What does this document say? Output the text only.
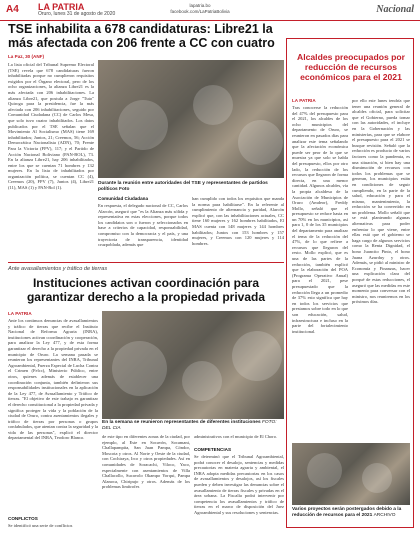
A4 LA PATRIA
Oruro, lunes 31 de agosto de 2020
lapatria.bo
facebook.com/LaPatriaBolivia	Nacional
TSE inhabilita a 678 candidaturas: Libre21 la más afectada con 206 frente a CC con cuatro
La Paz, 30 (ANF)
La lista oficial del Tribunal Supremo Electoral (TSE) revela que 678 candidaturas fueron inhabilitadas porque no cumplieron requisitos exigidos por el Órgano electoral, pero de los ocho organizaciones, la alianza Libre21 es la más afectada con 206 inhabilitaciones. La alianza Libre21, que postula a Jorge "Tuto" Quiroga para la presidencia, fue la más afectada con 206 inhabilitaciones, seguido por Comunidad Ciudadana (CC) de Carlos Mesa, que solo tuvo cuatro inhabilitados. Los datos publicados por el TSE señalan que el Movimiento Al Socialismo (MAS) tiene 169 inhabilitados; Juntos, 21; Creemos, 56; Acción Democrática Nacionalista (ADN), 70; Frente Para la Victoria (FPV), 117; y el Partido de Acción Nacional Boliviano (PAN-BOL), 73. En la alianza Libre21, hay 206 inhabilitados, entre los que se cuentan 71 hombres y 132 mujeres. En la lista de inhabilitados por organización política, se cuentan CC (4), Creemos (20), FPV (7), Juntos (4), Libre21 (11), MAS (1) y PAN-Bol (1).
Durante la reunión entre autoridades del TSE y representantes de partidos políticos Foto
Comunidad Ciudadana
En respuesta, el delegado nacional de CC, Carlos Alarcón, aseguró que "es la Alianza más sólida y representativa en estas elecciones, porque todos los candidatos son o fueron y seleccionados en base a criterios de capacidad, responsabilidad, compromiso con la democracia y el país, y una trayectoria de transparencia, identidad cruzpoblada, además que
han cumplido con todos los requisitos que manda la norma para habilitarse". En la referente al cumplimiento de alternancia y paridad, Alarcón explicó que, con las inhabilitaciones actuales, CC tiene 160 mujeres y 162 hombres habilitados, El MAS cuenta con 148 mujeres y 144 hombres habilitados; Juntos con 153 hombres y 157 mujeres, y Creemos con 120 mujeres y 114 hombres.
Ante avasallamientos y tráfico de tierras
Instituciones activan coordinación para garantizar derecho a la propiedad privada
LA PATRIA
Ante los continuos denuncias de avasallamientos y tráfico de tierras que recibe el Instituto Nacional de Reforma Agraria (INRA), instituciones activan coordinación y cooperación, para analizar la Ley 477, y de esta forma garantizar el derecho a la propiedad privada en el municipio de Oruro. La semana pasada se reunieron los representantes del INRA, Tribunal Agroambiental, Fuerza Especial de Lucha Contra el Crimen (Felcc), Ministerio Público, entre otros, quienes además de establecer una coordinación conjunta, también definieron sus responsabilidades institucionales en la aplicación de la Ley 477, de Avasallamiento y Tráfico de tierras. "El objetivo de este trabajo es garantizar el derecho constitucional a la propiedad privada y significa proteger la vida y la población de la ciudad de Oruro, contra asentamientos ilegales y tráfico de tierras por personas o grupos confabulados, que atentan contra la seguridad y la vida de las personas", explicó el director departamental del INRA, Teodoro Blanco.
CONFLICTOS
Se identificó una serie de conflictos
En la semana se reunieron representantes de diferentes instituciones FOTO: DEL CIA
de este tipo en diferentes zonas de la ciudad, por ejemplo, al Este en Socavón, Socamani, Challapampita, San Juan Pampa, Cóndor, Moscota y otros. Al Norte y Oeste de la ciudad, con Cochiraya, Irco y otros propiedades. Así en comunidades de Soracachi, Viloco, Yaco, especialmente con asentamientos de Villa Challacollo, Sucavolo Okampo Yorqui, Pampa Alanoca, Chiripujo y otros. Además de los problemas limítrofes
administrativos con el municipio de El Choro.
COMPETENCIAS
Se determinó que el Tribunal Agroambiental, podrá conocer el desalojo, sentencias y medidas precautorias en materia agraria y ambiental, el INRA adopta medidas precautorias en los casos de avasallamientos y desalojos, así los fiscales pueden y deben investigar las denuncias sobre el avasallamiento de tierras fiscales y privadas en el área urbana. La Fiscalía podrá intervenir por competencia los avasallamientos y tráfico de tierras en el marco de disposición del Juez Agroambiental y sus resoluciones y sentencias.
Alcaldes preocupados por reducción de recursos económicos para el 2021
LA PATRIA
Tras conocerse la reducción del 47% del presupuesto para el 2021, los alcaldes de los ocho municipios del departamento de Oruro, se reunieron en pasados días para analizar este tema señalando que la afectación económica puede ser peor de lo que se muestra ya que solo se habla del presupuesto, ellos por otro lado, la reducción de los recursos que llegaron de forma directa, en una menor cantidad. Algunos alcaldes, vía la propia alcaldesa de la Asociación de Municipios de Oruro (Amdeor), Freddy Mollo, señaló que el presupuesto se reduce hasta en un 70% en los municipios, así para 1, 0 de los 35 municipios del departamento para analizar el tema de la reducción del 47%, de lo que refiere a recursos que llegaron del resto. Mollo explicó, que es una de las partes de la reducción, también explicó que la elaboración del POA (Programa Operativo Anual) para el 2021, pese presupuestado que la reducción llega a un promedio de 37% esto significa que hay en todos los servicios que prestamos sobre todo en lo que son educación, salud, infraestructura e incluso en la parte del fortalecimiento institucional.
por ello este lunes tendría que tener una reunión general de alcaldes oficial, para solicitar que el Gobierno, pueda tomar con las autoridades, el incluye en la Gobernación y las ministerías, para que se elabore el presupuesto para el 2021 se busque revisión. Señaló que la reducción es producto de varios factores como la pandemia, es una situación, si bien hay una disminución de recursos con todos los problemas que se generan, los municipios están en condiciones de seguir cumpliendo, en la parte de la salud, educación y para el mismo, mantenimiento, la reducción se ha convertido en un problema. Mollo señaló que se está planteando algunas alternativas para poder enfrentar lo que viene, entre ellas está que el gobierno se haga cargo de algunos servicios como la Renta Dignidad, el bono Juancito Pinto, el bono Juana Azurduy y otros. Además, se pidió al ministro de Economía y Finanzas, hacer una explicación clara del porqué de estas reducciones, el aseguró que las medidas en este momento para conversar con el ministro, nos reuniremos en los próximos días.
Varios proyectos serán postergados debido a la reducción de recursos para el 2021 ARCHIVO
